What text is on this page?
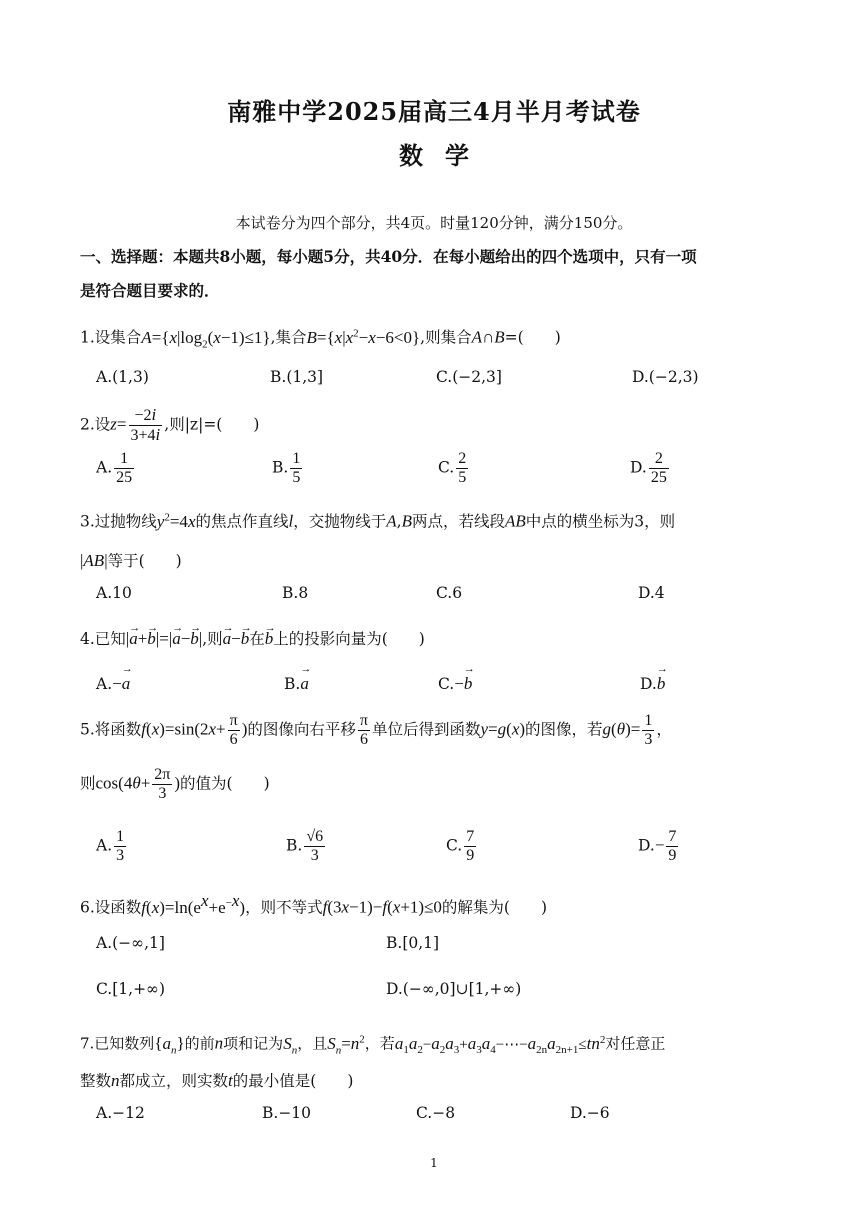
南雅中学2025届高三4月半月考试卷
数学
本试卷分为四个部分，共4页。时量120分钟，满分150分。
一、选择题：本题共8小题，每小题5分，共40分．在每小题给出的四个选项中，只有一项
是符合题目要求的．
1.设集合$A=\{x|\log_2(x-1)\le 1\}$,集合$B=\{x|x^2-x-6<0\}$,则集合A∩B=(　　)
A.(1,3)	B.(1,3]	C.(−2,3]	D.(−2,3)
2.设$z= \frac{-2i}{3+4i}$ ,则|z|=(　　)
A. $\frac{1}{25}$	B. $\frac{1}{5}$	C. $\frac{2}{5}$	D. $\frac{2}{25}$
3.过抛物线$y^2=4x$的焦点作直线l，交抛物线于A,B两点，若线段AB中点的横坐标为3，则
|AB|等于(　　)
A.10	B.8	C.6	D.4
4.已知|→ a+→ b|=|→ a−→ b|,则→ a−→ b在→ b上的投影向量为(　　)
A.−→ a	B.→ a	C.−→ b	D.→ b
5.将函数$f(x)=\sin(2x+ \frac{\pi}{6}$ )的图像向右平移 $\frac{\pi}{6}$ 单位后得到函数y=g(x)的图像，若$g(\theta)= \frac{1}{3}$ ，
则$\cos(4\theta+ \frac{2\pi}{3}$ )的值为(　　)
A. $\frac{1}{3}$	B. $\frac{√6}{3}$	C. $\frac{7}{9}$	$D.- \frac{7}{9}$
6.设函数$f(x)=\ln(e^x+e^{-x})$，则不等式f(3x−1)−f(x+1)≤0的解集为(　　)
A.(−∞,1]	B.[0,1]
C.[1,+∞)	D.(−∞,0]∪[1,+∞)
7.已知数列$\{a_n\}$的前n项和记为$S_n$，且$S_n=n^2$，若$a_1a_2-a_2a_3+a_3a_4-\cdots-a_{2n}a_{2n+1}\le tn^2$对任意正
整数n都成立，则实数t的最小值是(　　)
A.−12	B.−10	C.−8	D.−6
1
